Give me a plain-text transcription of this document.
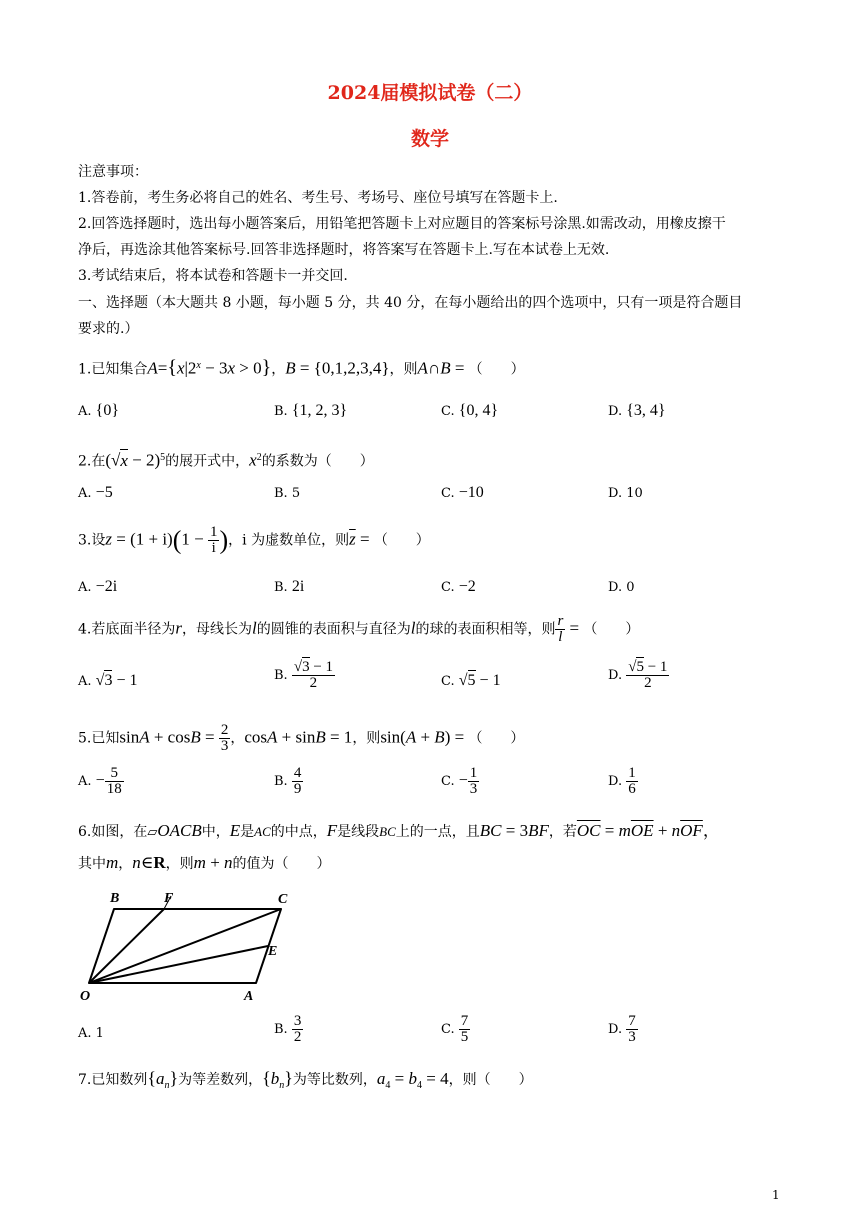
2024届模拟试卷（二）
数学
注意事项：
1.答卷前，考生务必将自己的姓名、考生号、考场号、座位号填写在答题卡上.
2.回答选择题时，选出每小题答案后，用铅笔把答题卡上对应题目的答案标号涂黑.如需改动，用橡皮擦干
净后，再选涂其他答案标号.回答非选择题时，将答案写在答题卡上.写在本试卷上无效.
3.考试结束后，将本试卷和答题卡一并交回.
一、选择题（本大题共 8 小题，每小题 5 分，共 40 分，在每小题给出的四个选项中，只有一项是符合题目
要求的.）
1.已知集合$A=\{x|2^x - 3x > 0\}$，B = {0,1,2,3,4}，则A∩B = （　　）
A. {0}	B. {1, 2, 3}	C. {0, 4}	D. {3, 4}
2.在$(√x - 2)^5$的展开式中，$x^2$的系数为（　　）
A. −5	B. 5	C. −10	D. 10
3.设$z = (1 + i)(1 - \frac{1}{i}$ )，i 为虚数单位，则$\overline{z}$ = （　　）
A. −2i	B. 2i	C. −2	D. 0
4.若底面半径为r，母线长为l的圆锥的表面积与直径为l的球的表面积相等，则 $\frac{r}{l}$ = （　　）
A. √3 − 1	B. $\frac{√3 - 1}{2}$	C. √5 − 1	D. $\frac{√5 - 1}{2}$
5.已知$\sin A + \cos B = \frac{2}{3}$ ，cosA + sinB = 1，则sin(A + B) = （　　）
A. − $\frac{5}{18}$	B. $\frac{4}{9}$	C. − $\frac{1}{3}$	D. $\frac{1}{6}$
6.如图，在▱OACB中，E是AC的中点，F是线段BC上的一点，且BC = 3BF，若$\overline{OC} = m\overline{OE} + n\overline{OF}$，
其中m，n∈R，则m + n的值为（　　）
B	F	C
E
O	A
A. 1	B. $\frac{3}{2}$	C. $\frac{7}{5}$	D. $\frac{7}{3}$
7.已知数列$\{a_n\}$为等差数列，$\{b_n\}$为等比数列，$a_4 = b_4 = 4$，则（　　）
1
